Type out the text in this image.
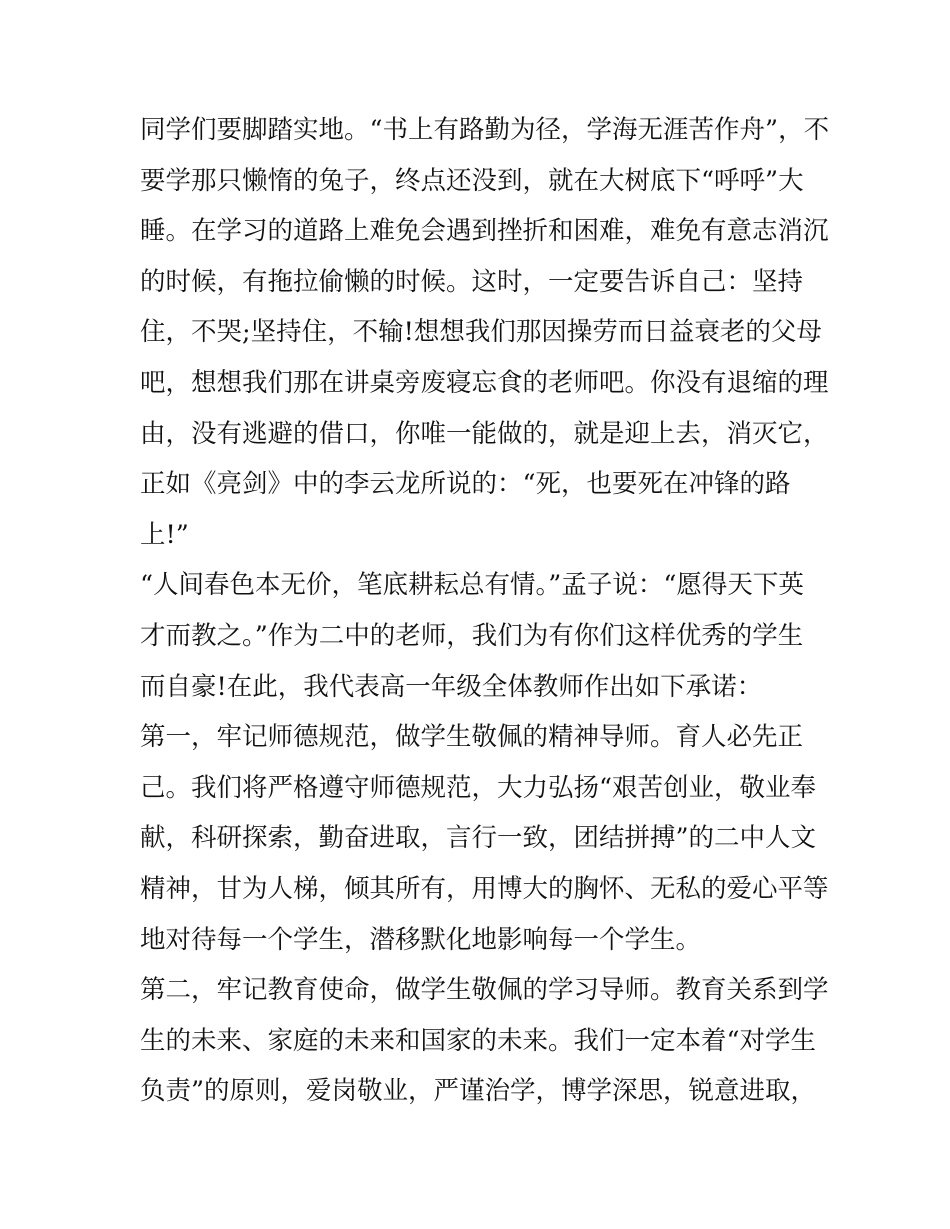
同学们要脚踏实地。“书上有路勤为径，学海无涯苦作舟”，不
要学那只懒惰的兔子，终点还没到，就在大树底下“呼呼”大
睡。在学习的道路上难免会遇到挫折和困难，难免有意志消沉
的时候，有拖拉偷懒的时候。这时，一定要告诉自己：坚持
住，不哭;坚持住，不输!想想我们那因操劳而日益衰老的父母
吧，想想我们那在讲桌旁废寝忘食的老师吧。你没有退缩的理
由，没有逃避的借口，你唯一能做的，就是迎上去，消灭它，
正如《亮剑》中的李云龙所说的：“死，也要死在冲锋的路
上!”
“人间春色本无价，笔底耕耘总有情。”孟子说：“愿得天下英
才而教之。”作为二中的老师，我们为有你们这样优秀的学生
而自豪!在此，我代表高一年级全体教师作出如下承诺：
第一，牢记师德规范，做学生敬佩的精神导师。育人必先正
己。我们将严格遵守师德规范，大力弘扬“艰苦创业，敬业奉
献，科研探索，勤奋进取，言行一致，团结拼搏”的二中人文
精神，甘为人梯，倾其所有，用博大的胸怀、无私的爱心平等
地对待每一个学生，潜移默化地影响每一个学生。
第二，牢记教育使命，做学生敬佩的学习导师。教育关系到学
生的未来、家庭的未来和国家的未来。我们一定本着“对学生
负责”的原则，爱岗敬业，严谨治学，博学深思，锐意进取，
